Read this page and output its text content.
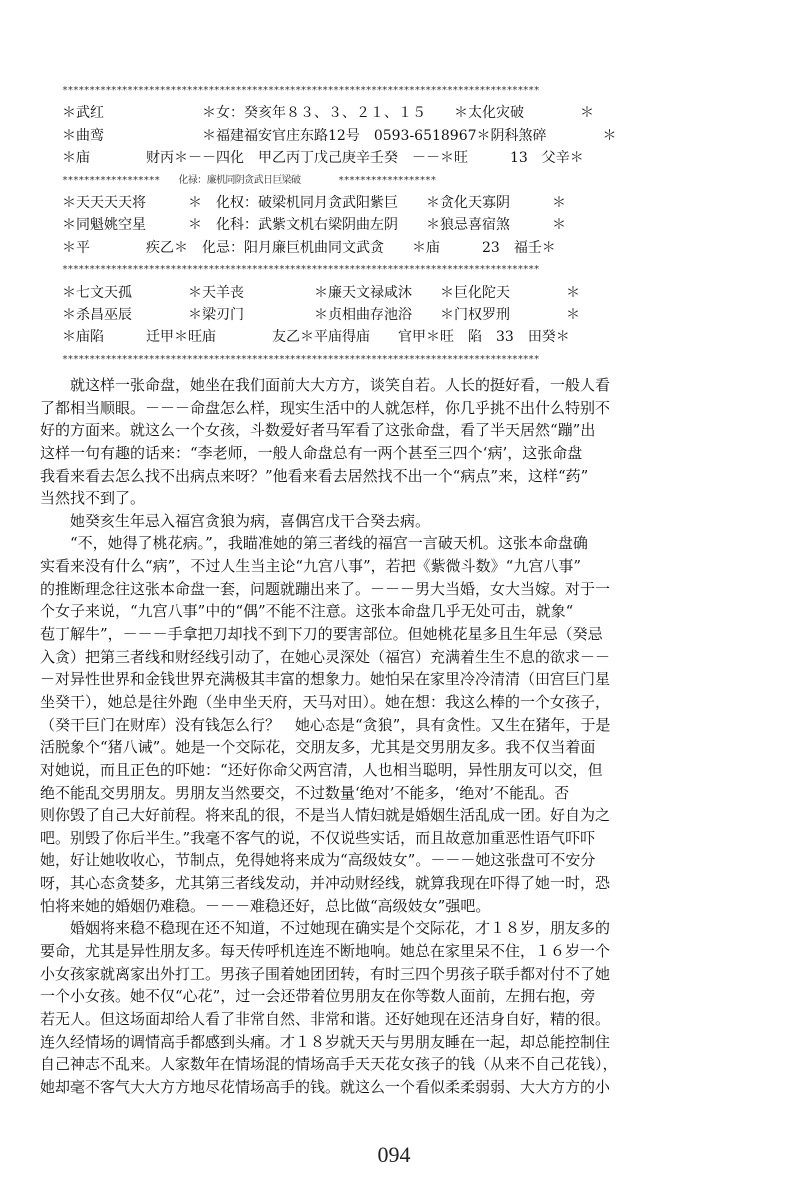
****************************************************************************************
＊武红　　　　　　　＊女：癸亥年８３、３、２１、１５　　＊太化灾破　　　　＊
＊曲鸾　　　　　　　＊福建福安官庄东路12号　0593-6518967＊阴科煞碎　　　　＊
＊庙　　　　财丙＊－－四化　甲乙丙丁戊己庚辛壬癸　－－＊旺　　　13　父辛＊
******************　　化禄：廉机同阴贪武日巨梁破　　　　******************
＊天天天天将　　　＊　化权：破梁机同月贪武阳紫巨　　＊贪化天寡阴　　　＊
＊同魁姚空星　　　＊　化科：武紫文机右梁阴曲左阴　　＊狼忌喜宿煞　　　＊
＊平　　　　疾乙＊　化忌：阳月廉巨机曲同文武贪　　＊庙　　　23　福壬＊
****************************************************************************************
＊七文天孤　　　　＊天羊丧　　　　　＊廉天文禄咸沐　　＊巨化陀天　　　　＊
＊杀昌巫辰　　　　＊梁刃门　　　　　＊贞相曲存池浴　　＊门权罗刑　　　　＊
＊庙陷　　　迁甲＊旺庙　　　　友乙＊平庙得庙　　官甲＊旺　陷　33　田癸＊
****************************************************************************************
　　就这样一张命盘，她坐在我们面前大大方方，谈笑自若。人长的挺好看，一般人看
了都相当顺眼。－－－命盘怎么样，现实生活中的人就怎样，你几乎挑不出什么特别不
好的方面来。就这么一个女孩，斗数爱好者马军看了这张命盘，看了半天居然“蹦”出
这样一句有趣的话来：“李老师，一般人命盘总有一两个甚至三四个‘病’，这张命盘
我看来看去怎么找不出病点来呀？”他看来看去居然找不出一个“病点”来，这样“药”
当然找不到了。
　　她癸亥生年忌入福宫贪狼为病，喜偶宫戊干合癸去病。
　　“不，她得了桃花病。”，我瞄准她的第三者线的福宫一言破天机。这张本命盘确
实看来没有什么“病”，不过人生当主论“九宫八事”，若把《紫微斗数》“九宫八事”
的推断理念往这张本命盘一套，问题就蹦出来了。－－－男大当婚，女大当嫁。对于一
个女子来说，“九宫八事”中的“偶”不能不注意。这张本命盘几乎无处可击，就象“
苞丁解牛”，－－－手拿把刀却找不到下刀的要害部位。但她桃花星多且生年忌（癸忌
入贪）把第三者线和财经线引动了，在她心灵深处（福宫）充满着生生不息的欲求－－
－对异性世界和金钱世界充满极其丰富的想象力。她怕呆在家里冷冷清清（田宫巨门星
坐癸干），她总是往外跑（坐申坐天府，天马对田）。她在想：我这么棒的一个女孩子，
（癸干巨门在财库）没有钱怎么行？　她心态是“贪狼”，具有贪性。又生在猪年，于是
活脱象个“猪八诫”。她是一个交际花，交朋友多，尤其是交男朋友多。我不仅当着面
对她说，而且正色的吓她：“还好你命父两宫清，人也相当聪明，异性朋友可以交，但
绝不能乱交男朋友。男朋友当然要交，不过数量‘绝对’不能多，‘绝对’不能乱。否
则你毁了自己大好前程。将来乱的很，不是当人情妇就是婚姻生活乱成一团。好自为之
吧。别毁了你后半生。”我毫不客气的说，不仅说些实话，而且故意加重恶性语气吓吓
她，好让她收收心，节制点，免得她将来成为“高级妓女”。－－－她这张盘可不安分
呀，其心态贪婪多，尤其第三者线发动，并冲动财经线，就算我现在吓得了她一时，恐
怕将来她的婚姻仍难稳。－－－难稳还好，总比做“高级妓女”强吧。
　　婚姻将来稳不稳现在还不知道，不过她现在确实是个交际花，才１８岁，朋友多的
要命，尤其是异性朋友多。每天传呼机连连不断地响。她总在家里呆不住，１６岁一个
小女孩家就离家出外打工。男孩子围着她团团转，有时三四个男孩子联手都对付不了她
一个小女孩。她不仅“心花”，过一会还带着位男朋友在你等数人面前，左拥右抱，旁
若无人。但这场面却给人看了非常自然、非常和谐。还好她现在还洁身自好，精的很。
连久经情场的调情高手都感到头痛。才１８岁就天天与男朋友睡在一起，却总能控制住
自己神志不乱来。人家数年在情场混的情场高手天天花女孩子的钱（从来不自己花钱），
她却毫不客气大大方方地尽花情场高手的钱。就这么一个看似柔柔弱弱、大大方方的小
094
